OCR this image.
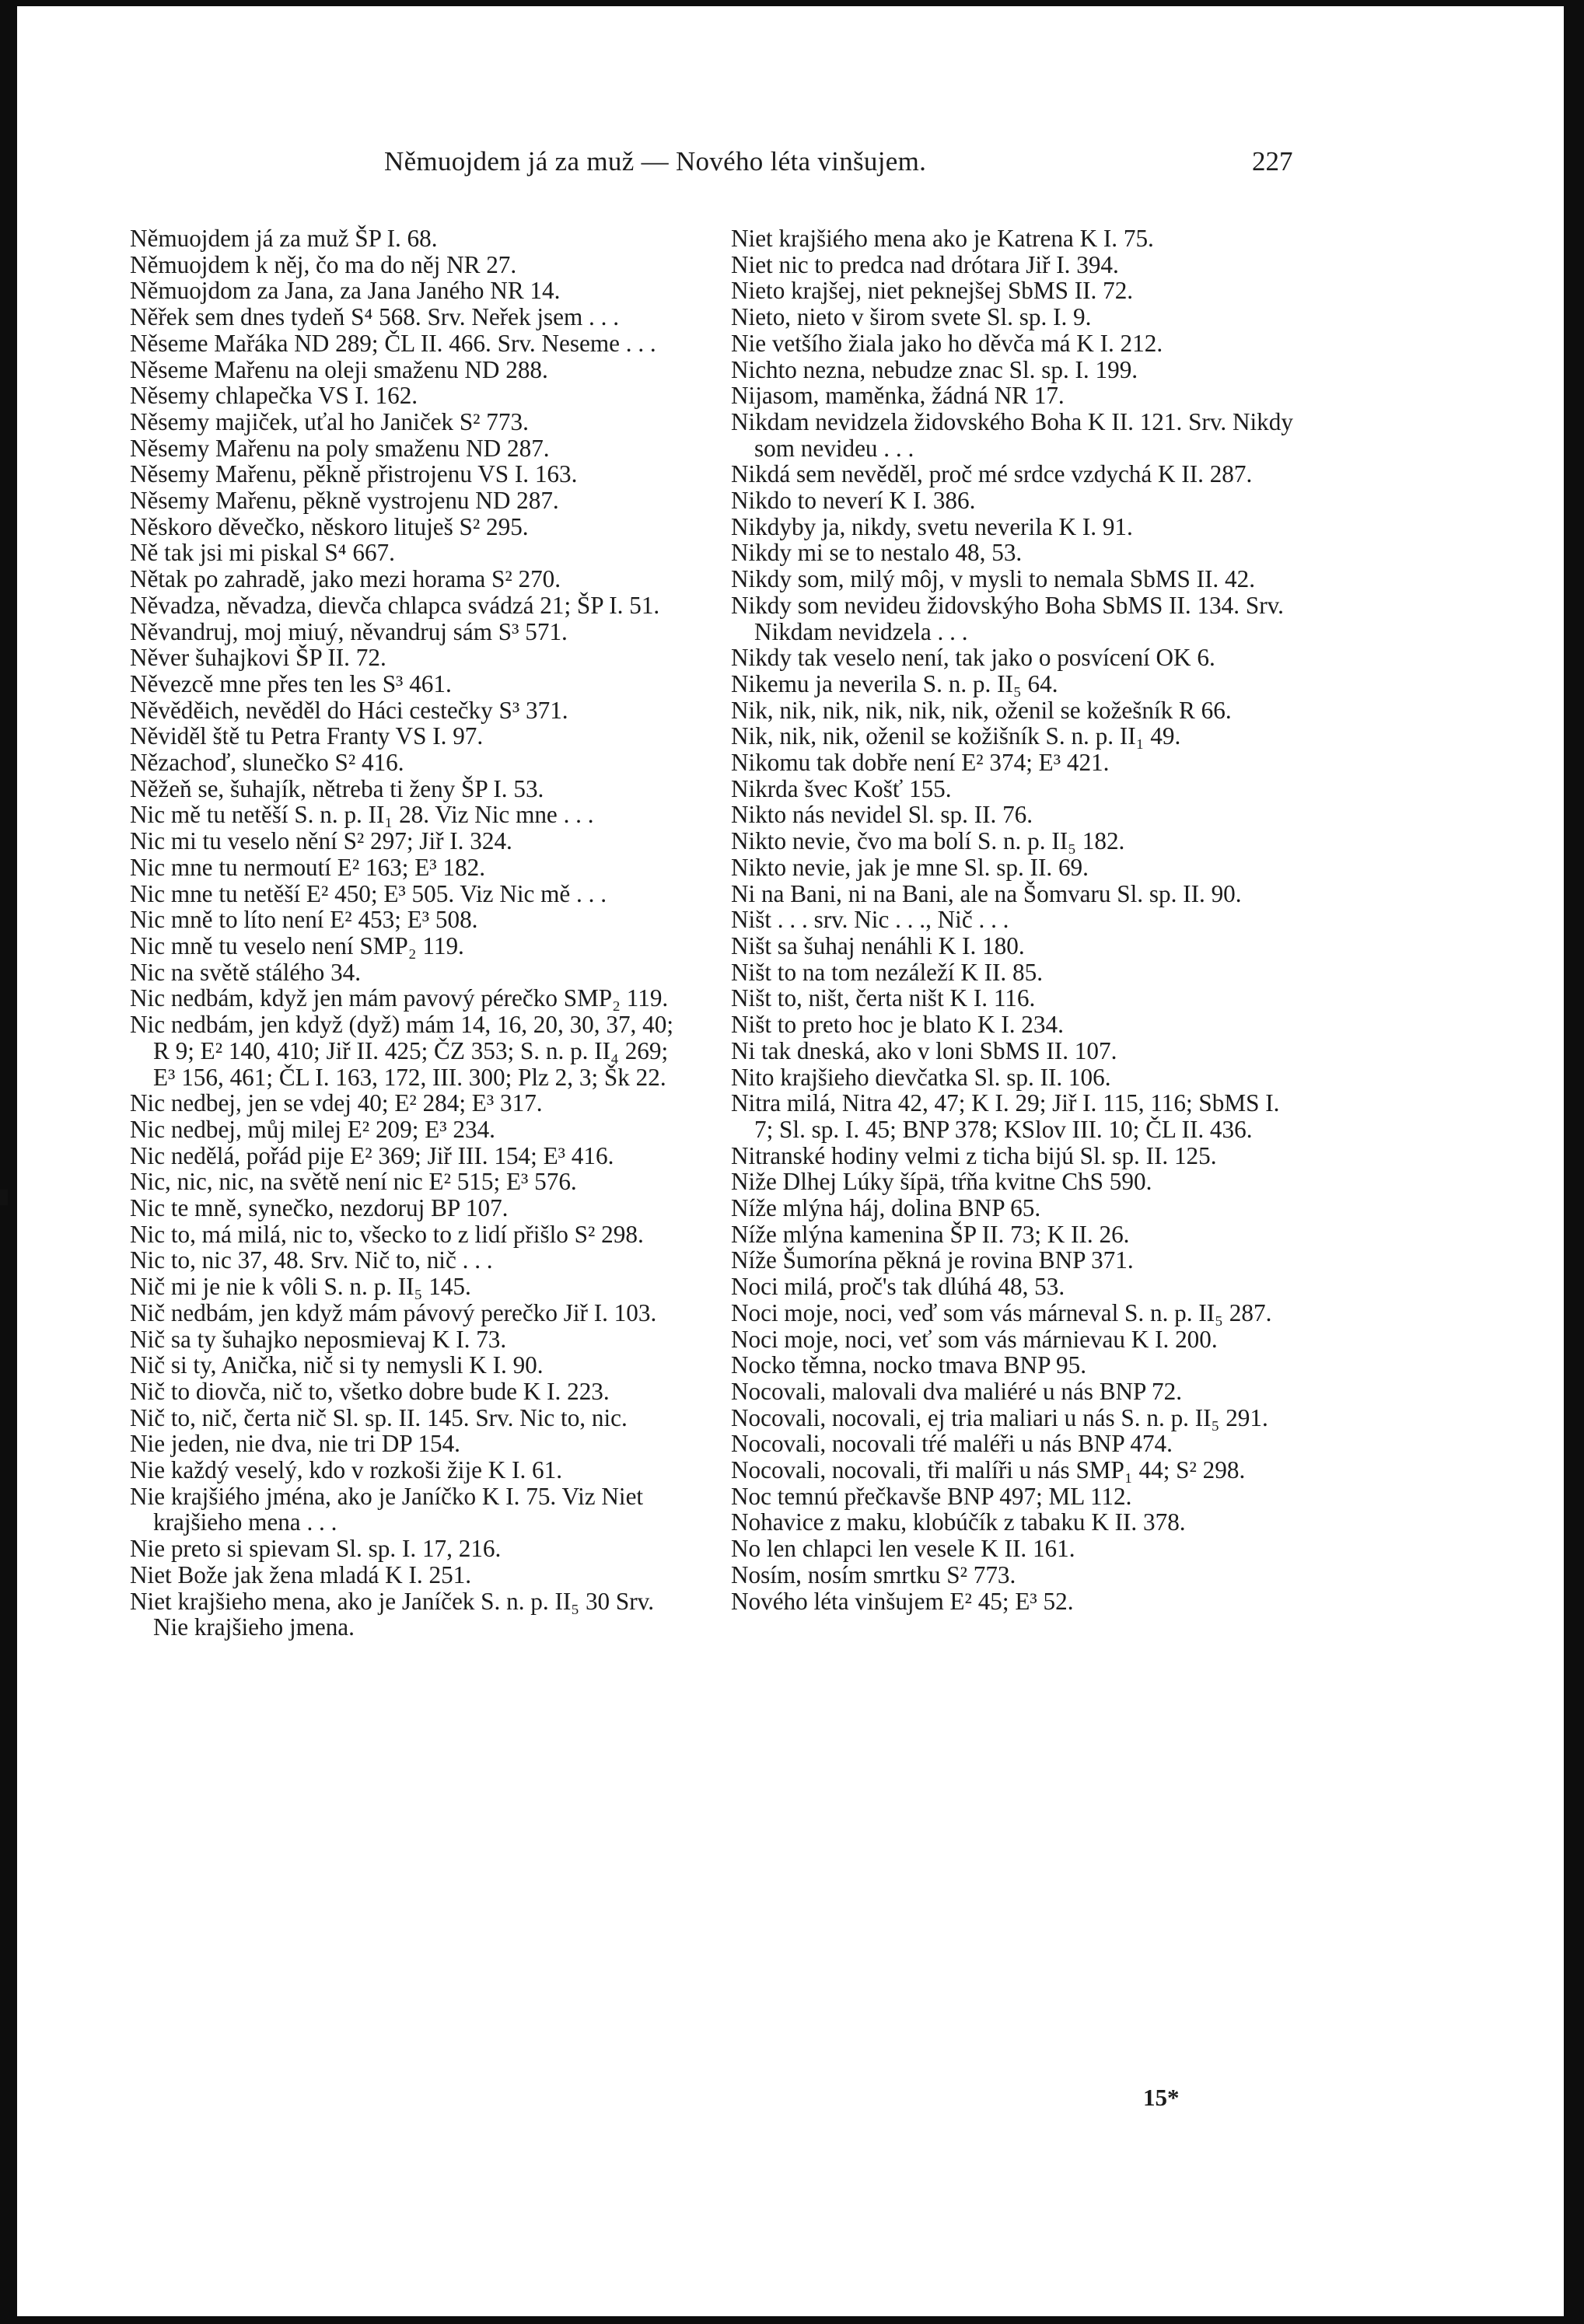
Němuojdem já za muž — Nového léta vinšujem.	227

Němuojdem já za muž ŠP I. 68.

Němuojdem k něj, čo ma do něj NR 27.

Němuojdom za Jana, za Jana Janého NR 14.

Něřek sem dnes tydeň S⁴ 568. Srv. Neřek jsem . . .

Něseme Mařáka ND 289; ČL II. 466. Srv. Neseme . . .

Něseme Mařenu na oleji smaženu ND 288.

Něsemy chlapečka VS I. 162.

Něsemy majiček, uťal ho Janiček S² 773.

Něsemy Mařenu na poly smaženu ND 287.

Něsemy Mařenu, pěkně přistrojenu VS I. 163.

Něsemy Mařenu, pěkně vystrojenu ND 287.

Něskoro děvečko, něskoro lituješ S² 295.

Ně tak jsi mi piskal S⁴ 667.

Nětak po zahradě, jako mezi horama S² 270.

Něvadza, něvadza, dievča chlapca svádzá 21; ŠP I. 51.

Něvandruj, moj miuý, něvandruj sám S³ 571.

Něver šuhajkovi ŠP II. 72.

Něvezcě mne přes ten les S³ 461.

Něvěděich, nevěděl do Háci cestečky S³ 371.

Něviděl ště tu Petra Franty VS I. 97.

Nězachoď, slunečko S² 416.

Něžeň se, šuhajík, nětreba ti ženy ŠP I. 53.

Nic mě tu netěší S. n. p. II₁ 28. Viz Nic mne . . .

Nic mi tu veselo nění S² 297; Jiř I. 324.

Nic mne tu nermoutí E² 163; E³ 182.

Nic mne tu netěší E² 450; E³ 505. Viz Nic mě . . .

Nic mně to líto není E² 453; E³ 508.

Nic mně tu veselo není SMP₂ 119.

Nic na světě stálého 34.

Nic nedbám, když jen mám pavový pérečko SMP₂ 119.

Nic nedbám, jen když (dyž) mám 14, 16, 20, 30, 37, 40; R 9; E² 140, 410; Jiř II. 425; ČZ 353; S. n. p. II₄ 269; E³ 156, 461; ČL I. 163, 172, III. 300; Plz 2, 3; Šk 22.

Nic nedbej, jen se vdej 40; E² 284; E³ 317.

Nic nedbej, můj milej E² 209; E³ 234.

Nic nedělá, pořád pije E² 369; Jiř III. 154; E³ 416.

Nic, nic, nic, na světě není nic E² 515; E³ 576.

Nic te mně, synečko, nezdoruj BP 107.

Nic to, má milá, nic to, všecko to z lidí přišlo S² 298.

Nic to, nic 37, 48. Srv. Nič to, nič . . .

Nič mi je nie k vôli S. n. p. II₅ 145.

Nič nedbám, jen když mám pávový perečko Jiř I. 103.

Nič sa ty šuhajko neposmievaj K I. 73.

Nič si ty, Anička, nič si ty nemysli K I. 90.

Nič to diovča, nič to, všetko dobre bude K I. 223.

Nič to, nič, čerta nič Sl. sp. II. 145. Srv. Nic to, nic.

Nie jeden, nie dva, nie tri DP 154.

Nie každý veselý, kdo v rozkoši žije K I. 61.

Nie krajšiého jména, ako je Janíčko K I. 75. Viz Niet krajšieho mena . . .

Nie preto si spievam Sl. sp. I. 17, 216.

Niet Bože jak žena mladá K I. 251.

Niet krajšieho mena, ako je Janíček S. n. p. II₅ 30 Srv. Nie krajšieho jmena.

Niet krajšiého mena ako je Katrena K I. 75.

Niet nic to predca nad drótara Jiř I. 394.

Nieto krajšej, niet peknejšej SbMS II. 72.

Nieto, nieto v širom svete Sl. sp. I. 9.

Nie vetšího žiala jako ho děvča má K I. 212.

Nichto nezna, nebudze znac Sl. sp. I. 199.

Nijasom, maměnka, žádná NR 17.

Nikdam nevidzela židovského Boha K II. 121. Srv. Nikdy som nevideu . . .

Nikdá sem nevěděl, proč mé srdce vzdychá K II. 287.

Nikdo to neverí K I. 386.

Nikdyby ja, nikdy, svetu neverila K I. 91.

Nikdy mi se to nestalo 48, 53.

Nikdy som, milý môj, v mysli to nemala SbMS II. 42.

Nikdy som nevideu židovskýho Boha SbMS II. 134. Srv. Nikdam nevidzela . . .

Nikdy tak veselo není, tak jako o posvícení OK 6.

Nikemu ja neverila S. n. p. II₅ 64.

Nik, nik, nik, nik, nik, nik, oženil se kožešník R 66.

Nik, nik, nik, oženil se kožišník S. n. p. II₁ 49.

Nikomu tak dobře není E² 374; E³ 421.

Nikrda švec Košť 155.

Nikto nás nevidel Sl. sp. II. 76.

Nikto nevie, čvo ma bolí S. n. p. II₅ 182.

Nikto nevie, jak je mne Sl. sp. II. 69.

Ni na Bani, ni na Bani, ale na Šomvaru Sl. sp. II. 90.

Ništ . . . srv. Nic . . ., Nič . . .

Ništ sa šuhaj nenáhli K I. 180.

Ništ to na tom nezáleží K II. 85.

Ništ to, ništ, čerta ništ K I. 116.

Ništ to preto hoc je blato K I. 234.

Ni tak dneská, ako v loni SbMS II. 107.

Nito krajšieho dievčatka Sl. sp. II. 106.

Nitra milá, Nitra 42, 47; K I. 29; Jiř I. 115, 116; SbMS I. 7; Sl. sp. I. 45; BNP 378; KSlov III. 10; ČL II. 436.

Nitranské hodiny velmi z ticha bijú Sl. sp. II. 125.

Niže Dlhej Lúky šípä, tŕňa kvitne ChS 590.

Níže mlýna háj, dolina BNP 65.

Níže mlýna kamenina ŠP II. 73; K II. 26.

Níže Šumorína pěkná je rovina BNP 371.

Noci milá, proč's tak dlúhá 48, 53.

Noci moje, noci, veď som vás márneval S. n. p. II₅ 287.

Noci moje, noci, veť som vás márnievau K I. 200.

Nocko těmna, nocko tmava BNP 95.

Nocovali, malovali dva maliéré u nás BNP 72.

Nocovali, nocovali, ej tria maliari u nás S. n. p. II₅ 291.

Nocovali, nocovali tŕé maléři u nás BNP 474.

Nocovali, nocovali, tři malíři u nás SMP₁ 44; S² 298.

Noc temnú přečkavše BNP 497; ML 112.

Nohavice z maku, klobúčík z tabaku K II. 378.

No len chlapci len vesele K II. 161.

Nosím, nosím smrtku S² 773.

Nového léta vinšujem E² 45; E³ 52.

15*
